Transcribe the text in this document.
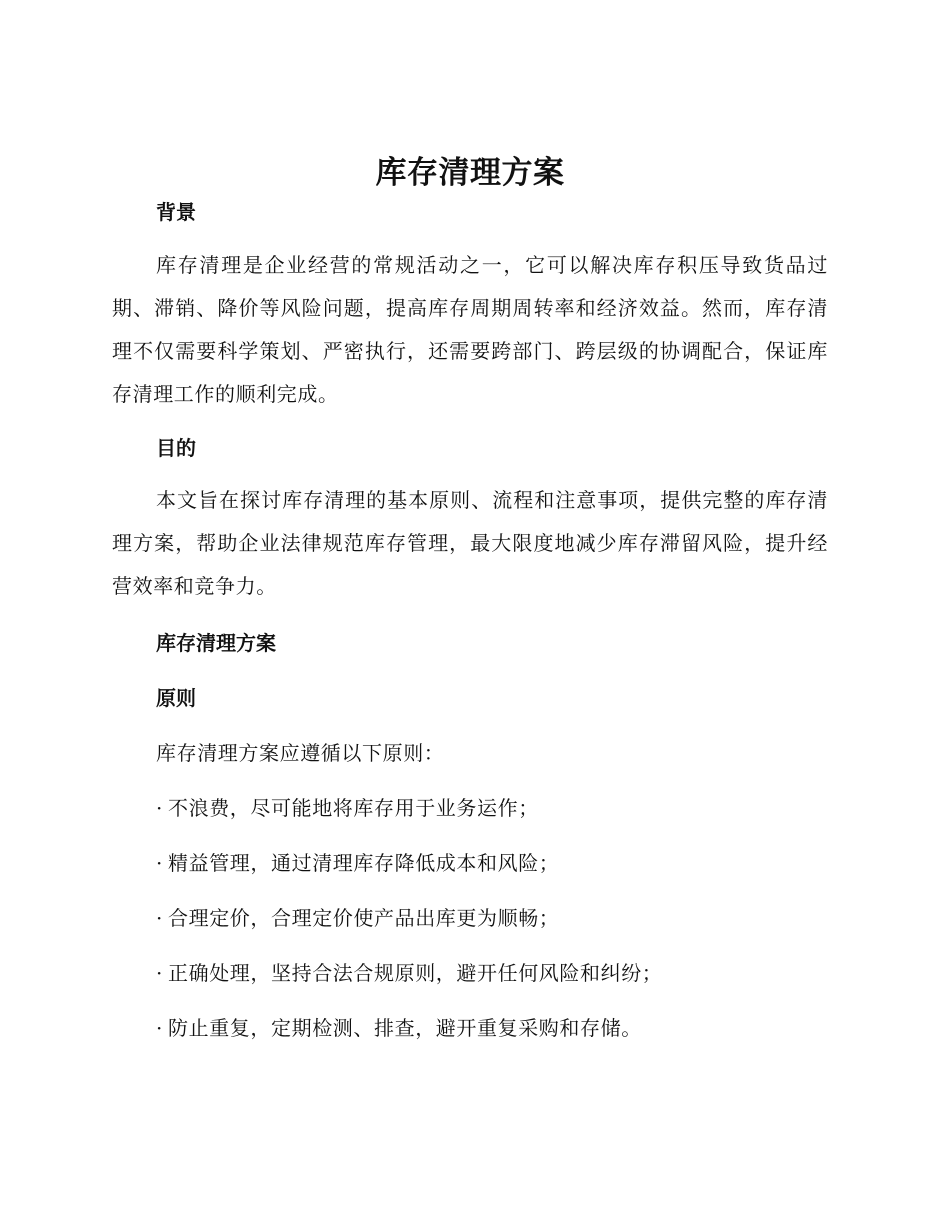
库存清理方案
背景

库存清理是企业经营的常规活动之一，它可以解决库存积压导致货品过期、滞销、降价等风险问题，提高库存周期周转率和经济效益。然而，库存清理不仅需要科学策划、严密执行，还需要跨部门、跨层级的协调配合，保证库存清理工作的顺利完成。

目的

本文旨在探讨库存清理的基本原则、流程和注意事项，提供完整的库存清理方案，帮助企业法律规范库存管理，最大限度地减少库存滞留风险，提升经营效率和竞争力。

库存清理方案
原则

库存清理方案应遵循以下原则：

· 不浪费，尽可能地将库存用于业务运作；
· 精益管理，通过清理库存降低成本和风险；
· 合理定价，合理定价使产品出库更为顺畅；
· 正确处理，坚持合法合规原则，避开任何风险和纠纷；
· 防止重复，定期检测、排查，避开重复采购和存储。
